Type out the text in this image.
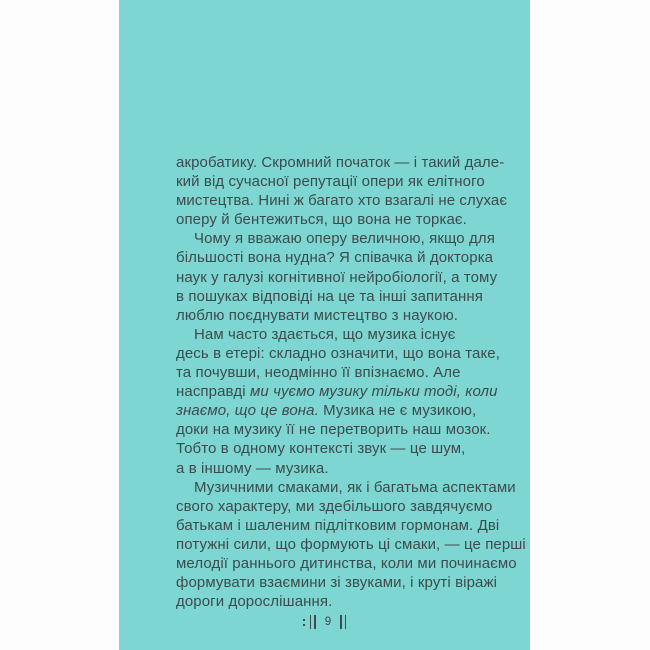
акробатику. Скромний початок — і такий дале-
кий від сучасної репутації опери як елітного
мистецтва. Нині ж багато хто взагалі не слухає
оперу й бентежиться, що вона не торкає.
Чому я вважаю оперу величною, якщо для
більшості вона нудна? Я співачка й докторка
наук у галузі когнітивної нейробіології, а тому
в пошуках відповіді на це та інші запитання
люблю поєднувати мистецтво з наукою.
Нам часто здається, що музика існує
десь в етері: складно означити, що вона таке,
та почувши, неодмінно її впізнаємо. Але
насправді ми чуємо музику тільки тоді, коли
знаємо, що це вона. Музика не є музикою,
доки на музику її не перетворить наш мозок.
Тобто в одному контексті звук — це шум,
а в іншому — музика.
Музичними смаками, як і багатьма аспектами
свого характеру, ми здебільшого завдячуємо
батькам і шаленим підлітковим гормонам. Дві
потужні сили, що формують ці смаки, — це перші
мелодії раннього дитинства, коли ми починаємо
формувати взаємини зі звуками, і круті віражі
дороги дорослішання.
9
